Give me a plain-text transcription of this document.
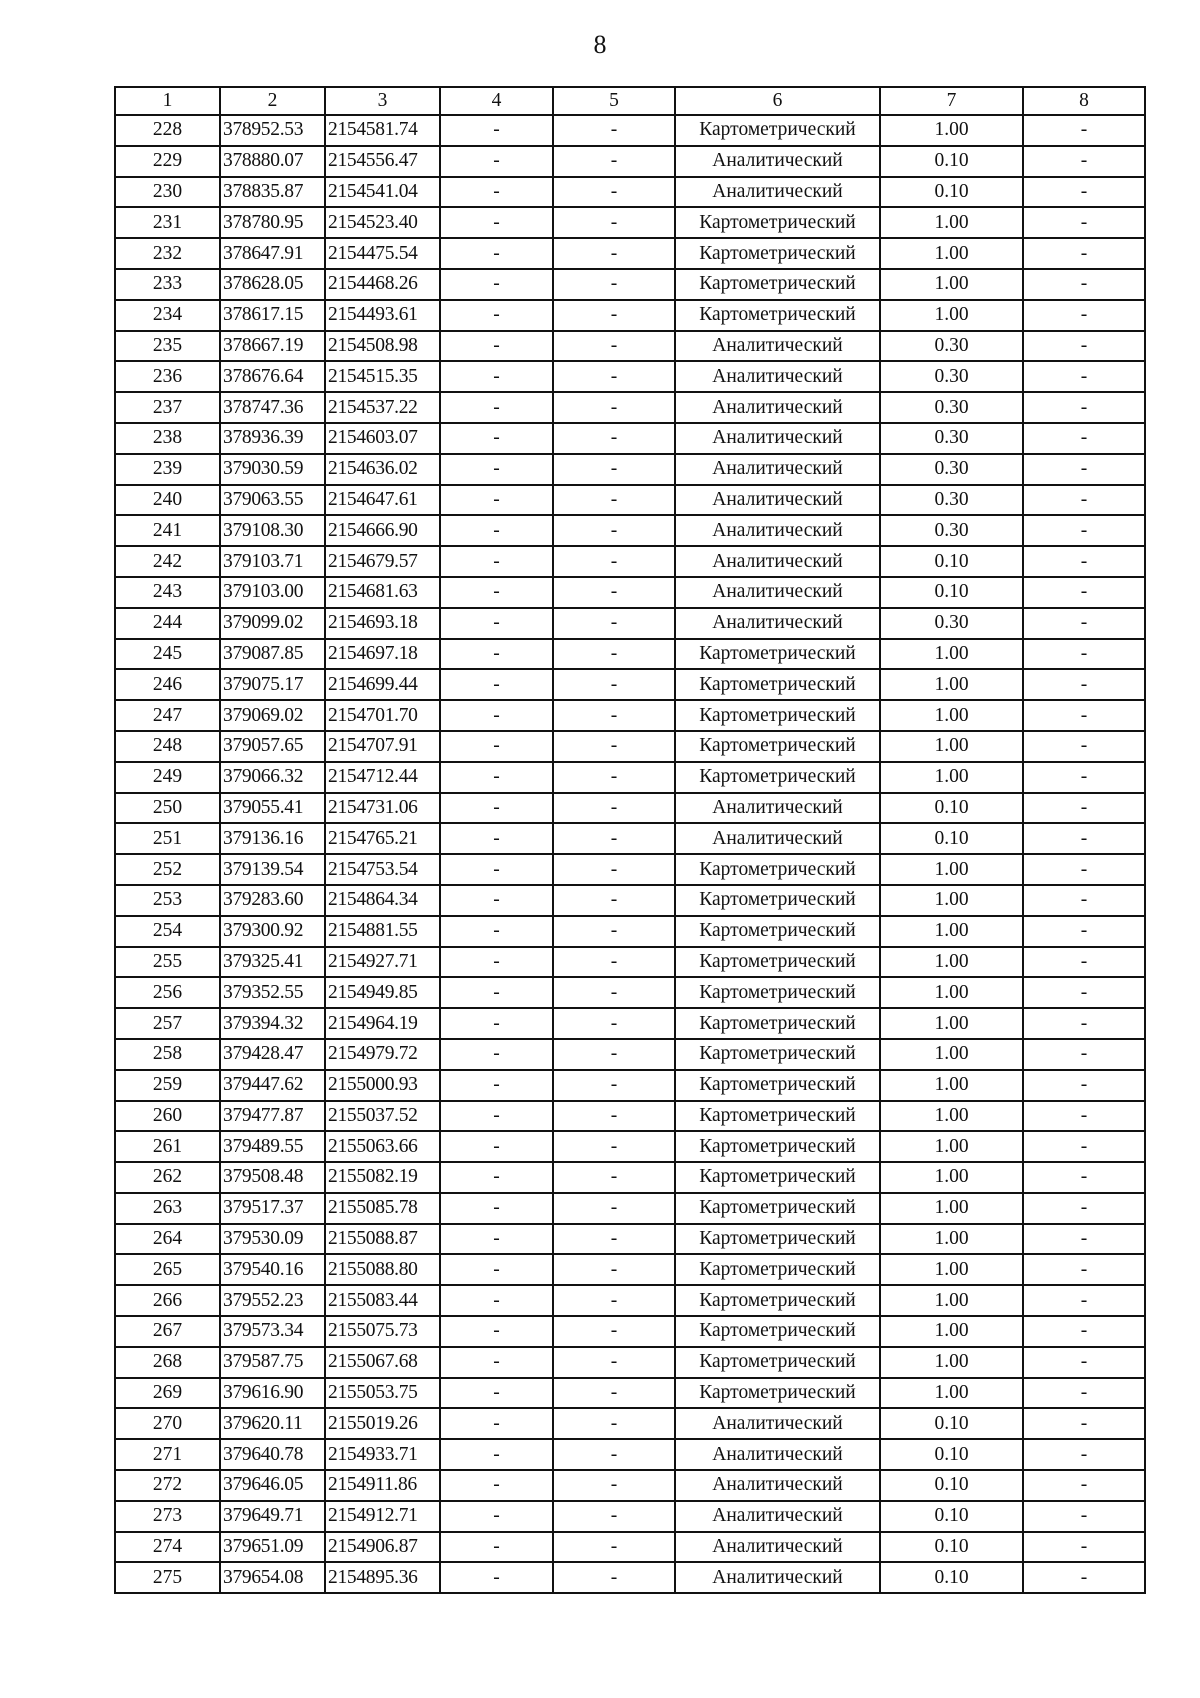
8
1	2	3	4	5	6	7	8
228	378952.53	2154581.74	-	-	Картометрический	1.00	-
229	378880.07	2154556.47	-	-	Аналитический	0.10	-
230	378835.87	2154541.04	-	-	Аналитический	0.10	-
231	378780.95	2154523.40	-	-	Картометрический	1.00	-
232	378647.91	2154475.54	-	-	Картометрический	1.00	-
233	378628.05	2154468.26	-	-	Картометрический	1.00	-
234	378617.15	2154493.61	-	-	Картометрический	1.00	-
235	378667.19	2154508.98	-	-	Аналитический	0.30	-
236	378676.64	2154515.35	-	-	Аналитический	0.30	-
237	378747.36	2154537.22	-	-	Аналитический	0.30	-
238	378936.39	2154603.07	-	-	Аналитический	0.30	-
239	379030.59	2154636.02	-	-	Аналитический	0.30	-
240	379063.55	2154647.61	-	-	Аналитический	0.30	-
241	379108.30	2154666.90	-	-	Аналитический	0.30	-
242	379103.71	2154679.57	-	-	Аналитический	0.10	-
243	379103.00	2154681.63	-	-	Аналитический	0.10	-
244	379099.02	2154693.18	-	-	Аналитический	0.30	-
245	379087.85	2154697.18	-	-	Картометрический	1.00	-
246	379075.17	2154699.44	-	-	Картометрический	1.00	-
247	379069.02	2154701.70	-	-	Картометрический	1.00	-
248	379057.65	2154707.91	-	-	Картометрический	1.00	-
249	379066.32	2154712.44	-	-	Картометрический	1.00	-
250	379055.41	2154731.06	-	-	Аналитический	0.10	-
251	379136.16	2154765.21	-	-	Аналитический	0.10	-
252	379139.54	2154753.54	-	-	Картометрический	1.00	-
253	379283.60	2154864.34	-	-	Картометрический	1.00	-
254	379300.92	2154881.55	-	-	Картометрический	1.00	-
255	379325.41	2154927.71	-	-	Картометрический	1.00	-
256	379352.55	2154949.85	-	-	Картометрический	1.00	-
257	379394.32	2154964.19	-	-	Картометрический	1.00	-
258	379428.47	2154979.72	-	-	Картометрический	1.00	-
259	379447.62	2155000.93	-	-	Картометрический	1.00	-
260	379477.87	2155037.52	-	-	Картометрический	1.00	-
261	379489.55	2155063.66	-	-	Картометрический	1.00	-
262	379508.48	2155082.19	-	-	Картометрический	1.00	-
263	379517.37	2155085.78	-	-	Картометрический	1.00	-
264	379530.09	2155088.87	-	-	Картометрический	1.00	-
265	379540.16	2155088.80	-	-	Картометрический	1.00	-
266	379552.23	2155083.44	-	-	Картометрический	1.00	-
267	379573.34	2155075.73	-	-	Картометрический	1.00	-
268	379587.75	2155067.68	-	-	Картометрический	1.00	-
269	379616.90	2155053.75	-	-	Картометрический	1.00	-
270	379620.11	2155019.26	-	-	Аналитический	0.10	-
271	379640.78	2154933.71	-	-	Аналитический	0.10	-
272	379646.05	2154911.86	-	-	Аналитический	0.10	-
273	379649.71	2154912.71	-	-	Аналитический	0.10	-
274	379651.09	2154906.87	-	-	Аналитический	0.10	-
275	379654.08	2154895.36	-	-	Аналитический	0.10	-
